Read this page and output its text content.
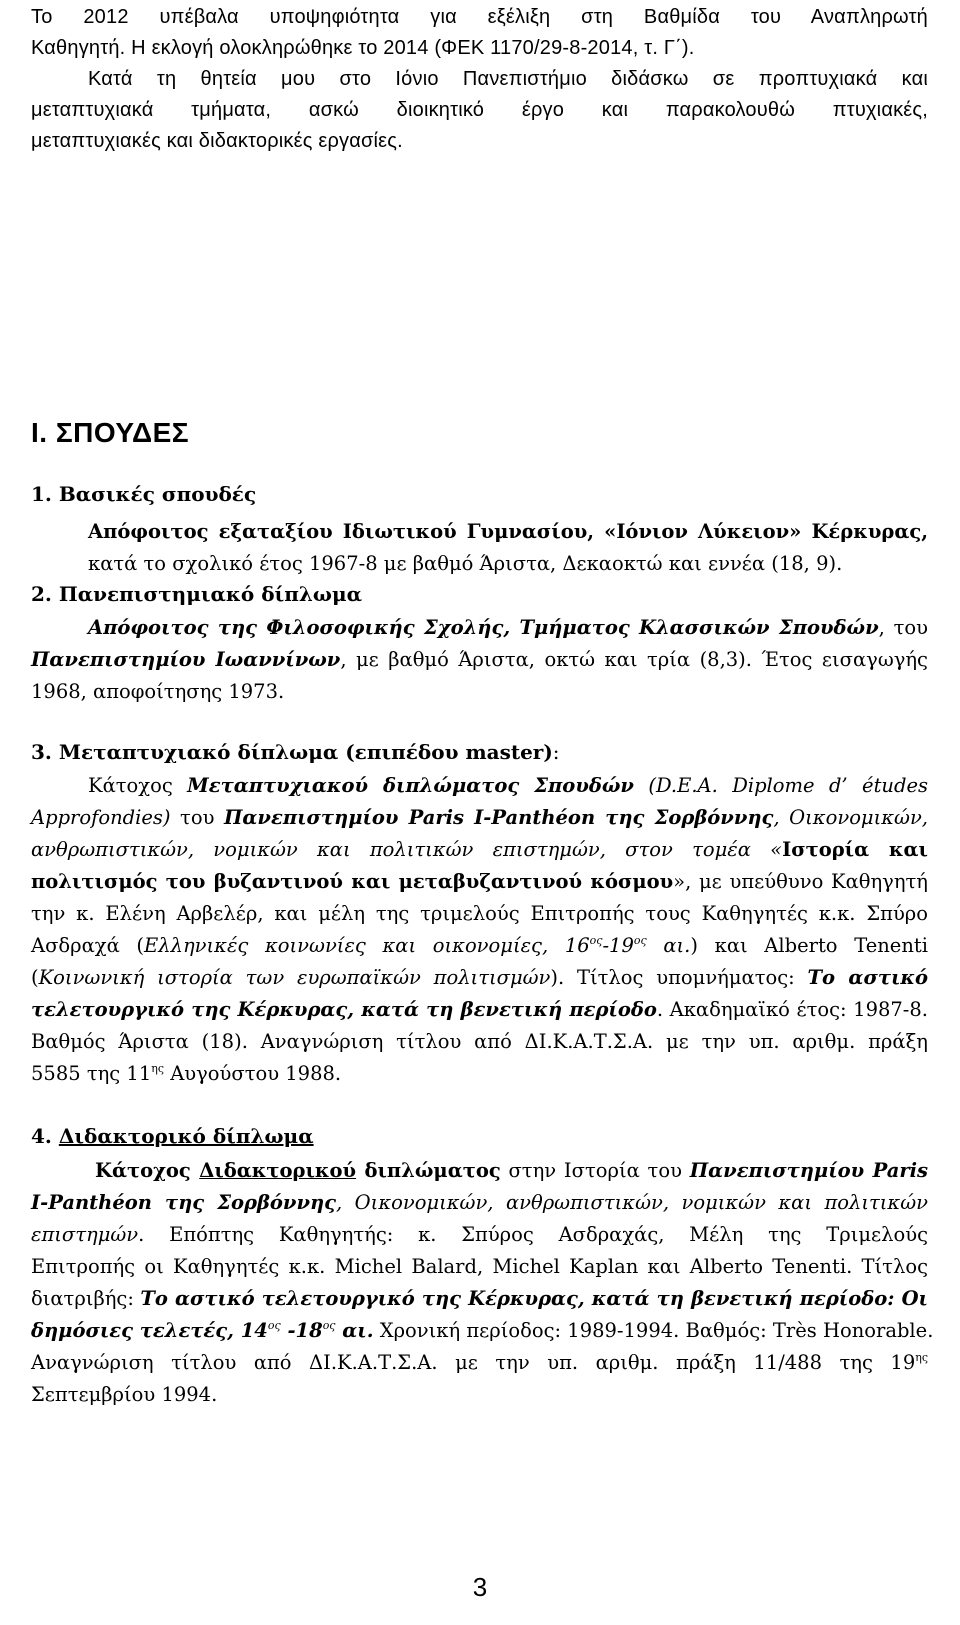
Το 2012 υπέβαλα υποψηφιότητα για εξέλιξη στη Βαθμίδα του Αναπληρωτή

Καθηγητή. Η εκλογή ολοκληρώθηκε το 2014 (ΦΕΚ 1170/29-8-2014, τ. Γ΄).

Κατά τη θητεία μου στο Ιόνιο Πανεπιστήμιο διδάσκω σε προπτυχιακά και

μεταπτυχιακά τμήματα, ασκώ διοικητικό έργο και παρακολουθώ πτυχιακές,

μεταπτυχιακές και διδακτορικές εργασίες.

Ι. ΣΠΟΥΔΕΣ

1. Βασικές σπουδές

Απόφοιτος εξαταξίου Ιδιωτικού Γυμνασίου, «Ιόνιον Λύκειον» Κέρκυρας,

κατά το σχολικό έτος 1967-8 με βαθμό Άριστα, Δεκαοκτώ και εννέα (18, 9).

2. Πανεπιστημιακό δίπλωμα

Απόφοιτος της Φιλοσοφικής Σχολής, Τμήματος Κλασσικών Σπουδών, του

Πανεπιστημίου Ιωαννίνων, με βαθμό Άριστα, οκτώ και τρία (8,3). Έτος εισαγωγής

1968, αποφοίτησης 1973.

3. Μεταπτυχιακό δίπλωμα (επιπέδου master):

Κάτοχος Μεταπτυχιακού διπλώματος Σπουδών (D.E.A. Diplome d’ études

Approfondies) του Πανεπιστημίου Paris I-Panthéon της Σορβόννης, Οικονομικών,

ανθρωπιστικών, νομικών και πολιτικών επιστημών, στον τομέα «Ιστορία και

πολιτισμός του βυζαντινού και μεταβυζαντινού κόσμου», με υπεύθυνο Καθηγητή

την κ. Ελένη Αρβελέρ, και μέλη της τριμελούς Επιτροπής τους Καθηγητές κ.κ. Σπύρο

Ασδραχά (Ελληνικές κοινωνίες και οικονομίες, $16^{o\varsigma}-19^{o\varsigma}$ αι.) και Alberto Tenenti

(Κοινωνική ιστορία των ευρωπαϊκών πολιτισμών). Τίτλος υπομνήματος: Το αστικό

τελετουργικό της Κέρκυρας, κατά τη βενετική περίοδο. Ακαδημαϊκό έτος: 1987-8.

Βαθμός Άριστα (18). Αναγνώριση τίτλου από ΔΙ.Κ.Α.Τ.Σ.Α. με την υπ. αριθμ. πράξη

5585 της $11^{\eta\varsigma}$ Αυγούστου 1988.

4. Διδακτορικό δίπλωμα

Κάτοχος Διδακτορικού διπλώματος στην Ιστορία του Πανεπιστημίου Paris

I-Panthéon της Σορβόννης, Οικονομικών, ανθρωπιστικών, νομικών και πολιτικών

επιστημών. Επόπτης Καθηγητής: κ. Σπύρος Ασδραχάς, Μέλη της Τριμελούς

Επιτροπής οι Καθηγητές κ.κ. Michel Balard, Michel Kaplan και Alberto Tenenti. Τίτλος

διατριβής: Το αστικό τελετουργικό της Κέρκυρας, κατά τη βενετική περίοδο: Οι

δημόσιες τελετές, $14^{o\varsigma}$ $-18^{o\varsigma}$ αι. Χρονική περίοδος: 1989-1994. Βαθμός: Très Honorable.

Αναγνώριση τίτλου από ΔΙ.Κ.Α.Τ.Σ.Α. με την υπ. αριθμ. πράξη 11/488 της $19^{\eta\varsigma}$

Σεπτεμβρίου 1994.

3
